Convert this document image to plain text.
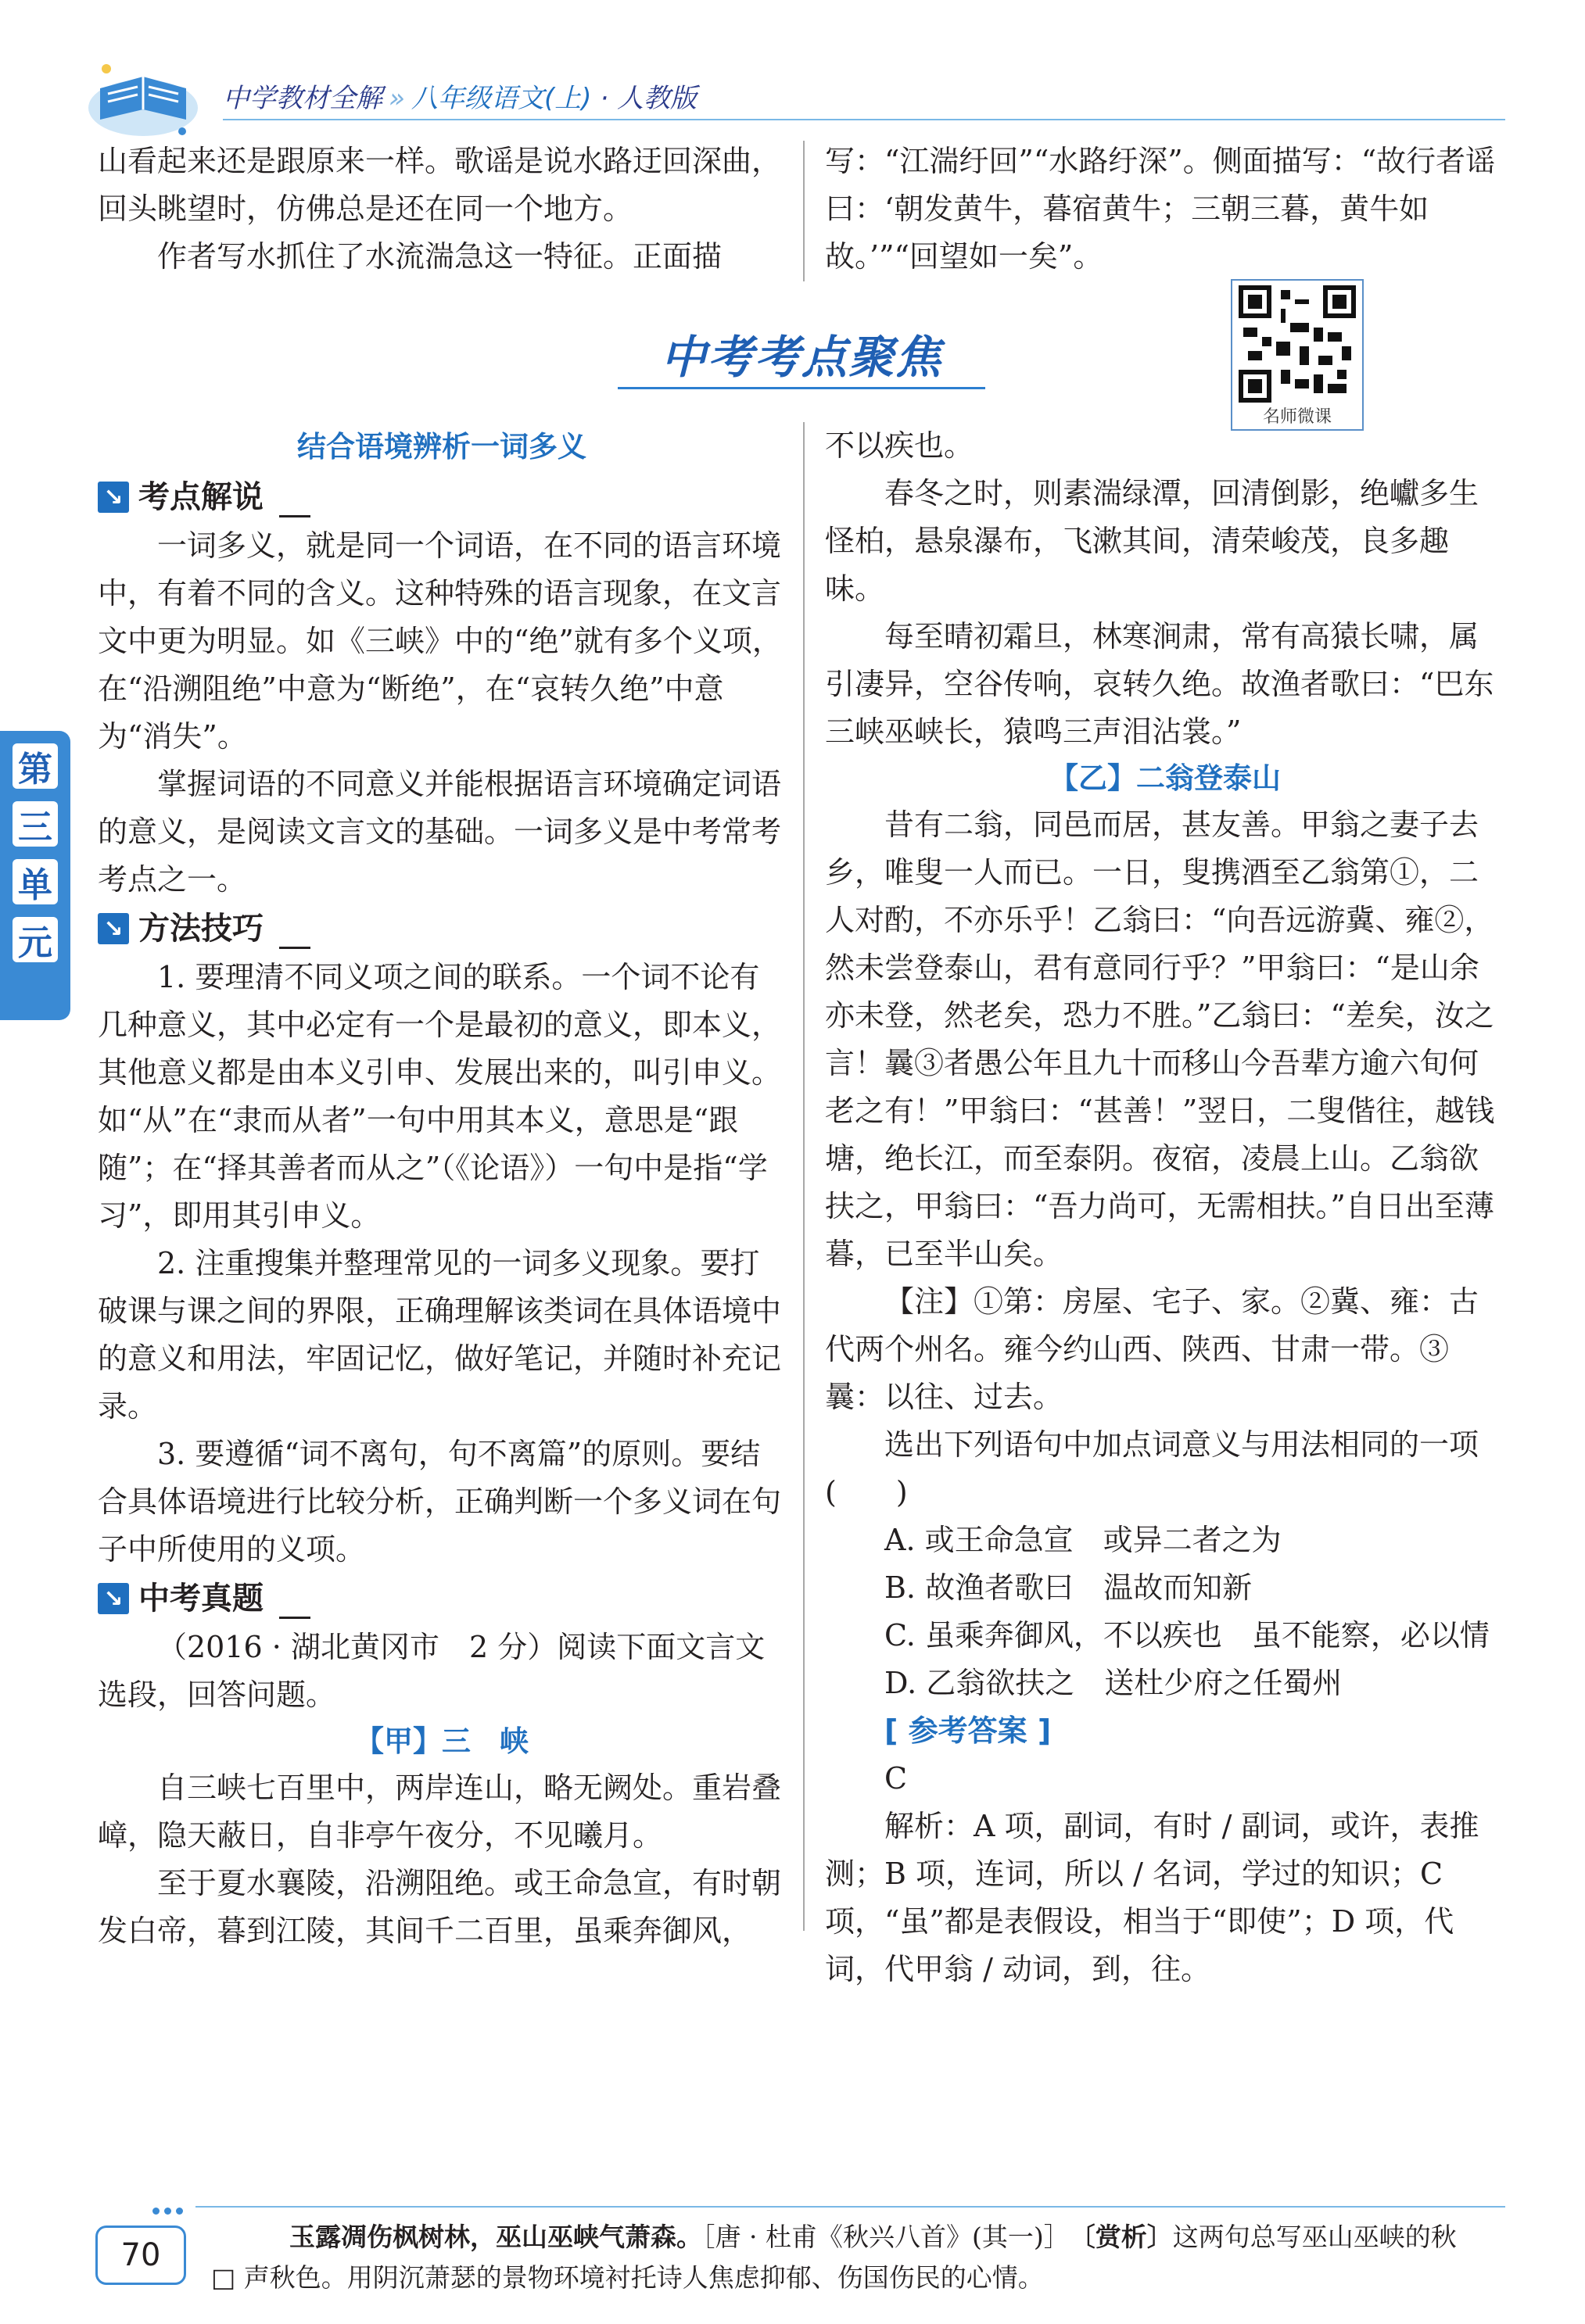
中学教材全解 » 八年级语文(上) · 人教版

山看起来还是跟原来一样。歌谣是说水路迂回深曲，回头眺望时，仿佛总是还在同一个地方。

作者写水抓住了水流湍急这一特征。正面描

写：“江湍纡回”“水路纡深”。侧面描写：“故行者谣曰：‘朝发黄牛，暮宿黄牛；三朝三暮，黄牛如故。’”“回望如一矣”。

中考考点聚焦
名师微课
第
三
单
元
结合语境辨析一词多义
↘ 考点解说

一词多义，就是同一个词语，在不同的语言环境中，有着不同的含义。这种特殊的语言现象，在文言文中更为明显。如《三峡》中的“绝”就有多个义项，在“沿溯阻绝”中意为“断绝”，在“哀转久绝”中意为“消失”。

掌握词语的不同意义并能根据语言环境确定词语的意义，是阅读文言文的基础。一词多义是中考常考考点之一。

↘ 方法技巧

1. 要理清不同义项之间的联系。一个词不论有几种意义，其中必定有一个是最初的意义，即本义，其他意义都是由本义引申、发展出来的，叫引申义。如“从”在“隶而从者”一句中用其本义，意思是“跟随”；在“择其善者而从之”（《论语》）一句中是指“学习”，即用其引申义。

2. 注重搜集并整理常见的一词多义现象。要打破课与课之间的界限，正确理解该类词在具体语境中的意义和用法，牢固记忆，做好笔记，并随时补充记录。

3. 要遵循“词不离句，句不离篇”的原则。要结合具体语境进行比较分析，正确判断一个多义词在句子中所使用的义项。

↘ 中考真题

（2016 · 湖北黄冈市　2 分）阅读下面文言文选段，回答问题。

【甲】三　峡

自三峡七百里中，两岸连山，略无阙处。重岩叠嶂，隐天蔽日，自非亭午夜分，不见曦月。

至于夏水襄陵，沿溯阻绝。或王命急宣，有时朝发白帝，暮到江陵，其间千二百里，虽乘奔御风，

不以疾也。

春冬之时，则素湍绿潭，回清倒影，绝巘多生怪柏，悬泉瀑布，飞漱其间，清荣峻茂，良多趣味。

每至晴初霜旦，林寒涧肃，常有高猿长啸，属引凄异，空谷传响，哀转久绝。故渔者歌曰：“巴东三峡巫峡长，猿鸣三声泪沾裳。”

【乙】二翁登泰山

昔有二翁，同邑而居，甚友善。甲翁之妻子去乡，唯叟一人而已。一日，叟携酒至乙翁第①，二人对酌，不亦乐乎！乙翁曰：“向吾远游冀、雍②，然未尝登泰山，君有意同行乎？”甲翁曰：“是山余亦未登，然老矣，恐力不胜。”乙翁曰：“差矣，汝之言！曩③者愚公年且九十而移山今吾辈方逾六旬何老之有！”甲翁曰：“甚善！”翌日，二叟偕往，越钱塘，绝长江，而至泰阴。夜宿，凌晨上山。乙翁欲扶之，甲翁曰：“吾力尚可，无需相扶。”自日出至薄暮，已至半山矣。

【注】①第：房屋、宅子、家。②冀、雍：古代两个州名。雍今约山西、陕西、甘肃一带。③曩：以往、过去。

选出下列语句中加点词意义与用法相同的一项(　　)

A. 或王命急宣　 或异二者之为
B. 故渔者歌曰　 温故而知新
C. 虽乘奔御风，不以疾也　 虽不能察，必以情
D. 乙翁欲扶之　 送杜少府之任蜀州
[ 参考答案 ]

C

解析：A 项，副词，有时 / 副词，或许，表推测；B 项，连词，所以 / 名词，学过的知识；C 项，“虽”都是表假设，相当于“即使”；D 项，代词，代甲翁 / 动词，到，往。

70
玉露凋伤枫树林，巫山巫峡气萧森。［唐 · 杜甫《秋兴八首》(其一)］　 〔赏析〕这两句总写巫山巫峡的秋
□ 声秋色。用阴沉萧瑟的景物环境衬托诗人焦虑抑郁、伤国伤民的心情。
